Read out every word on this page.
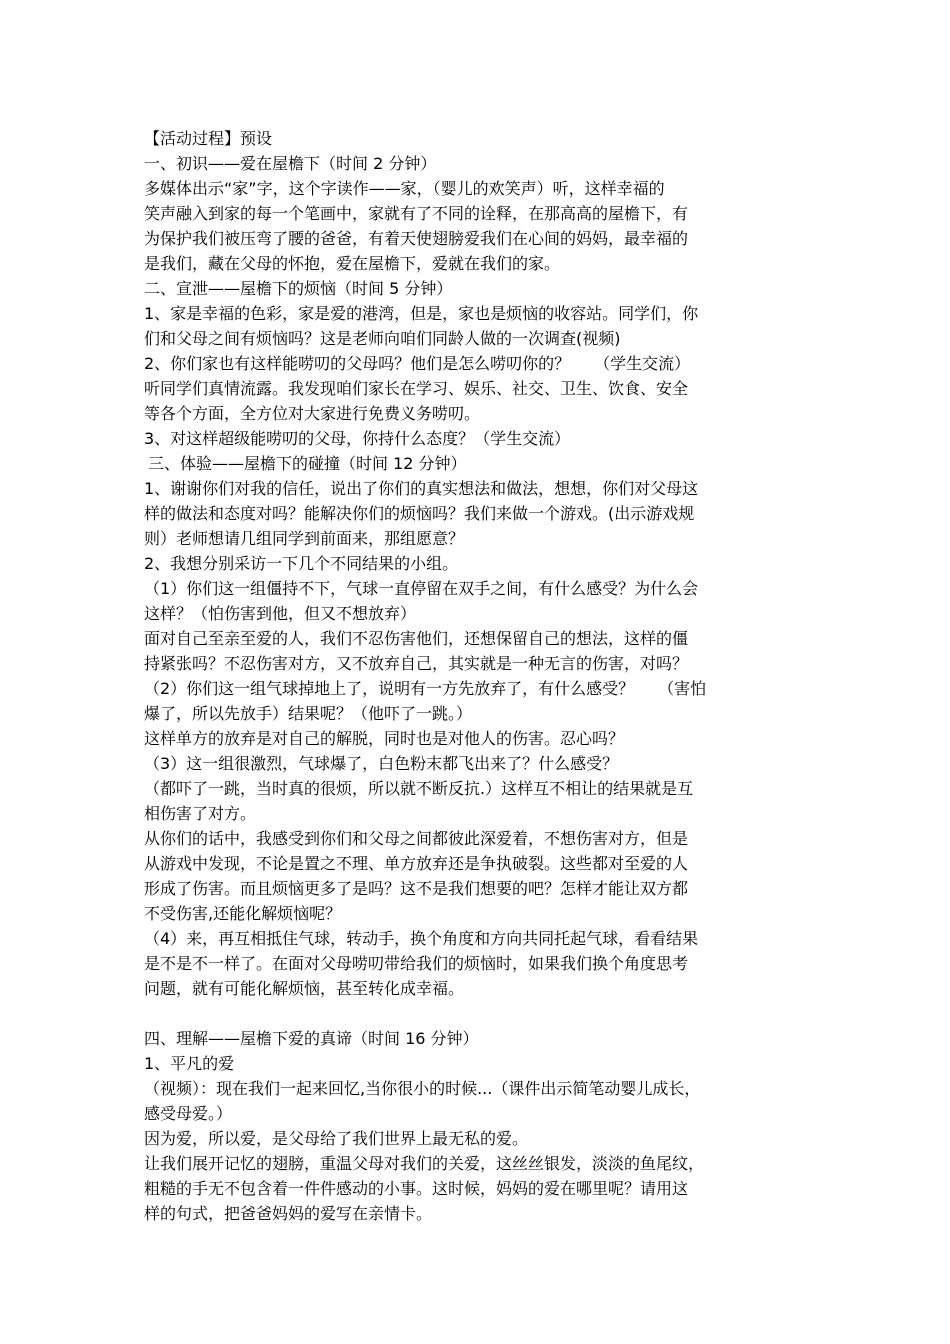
【活动过程】预设

一、初识——爱在屋檐下（时间 2 分钟）

多媒体出示“家”字，这个字读作——家，（婴儿的欢笑声）听，这样幸福的

笑声融入到家的每一个笔画中，家就有了不同的诠释，在那高高的屋檐下，有

为保护我们被压弯了腰的爸爸，有着天使翅膀爱我们在心间的妈妈，最幸福的

是我们，藏在父母的怀抱，爱在屋檐下，爱就在我们的家。

二、宣泄——屋檐下的烦恼（时间 5 分钟）

1、家是幸福的色彩，家是爱的港湾，但是，家也是烦恼的收容站。同学们，你

们和父母之间有烦恼吗？这是老师向咱们同龄人做的一次调查(视频)

2、你们家也有这样能唠叨的父母吗？他们是怎么唠叨你的？　　（学生交流）

听同学们真情流露。我发现咱们家长在学习、娱乐、社交、卫生、饮食、安全

等各个方面，全方位对大家进行免费义务唠叨。

3、对这样超级能唠叨的父母，你持什么态度？（学生交流）

三、体验——屋檐下的碰撞（时间 12 分钟）

1、谢谢你们对我的信任，说出了你们的真实想法和做法，想想，你们对父母这

样的做法和态度对吗？能解决你们的烦恼吗？我们来做一个游戏。(出示游戏规

则）老师想请几组同学到前面来，那组愿意？

2、我想分别采访一下几个不同结果的小组。

（1）你们这一组僵持不下，气球一直停留在双手之间，有什么感受？为什么会

这样？（怕伤害到他，但又不想放弃）

面对自己至亲至爱的人，我们不忍伤害他们，还想保留自己的想法，这样的僵

持紧张吗？不忍伤害对方，又不放弃自己，其实就是一种无言的伤害，对吗？

（2）你们这一组气球掉地上了，说明有一方先放弃了，有什么感受？　　（害怕

爆了，所以先放手）结果呢？（他吓了一跳。）

这样单方的放弃是对自己的解脱，同时也是对他人的伤害。忍心吗？

（3）这一组很激烈，气球爆了，白色粉末都飞出来了？什么感受？

（都吓了一跳，当时真的很烦，所以就不断反抗.）这样互不相让的结果就是互

相伤害了对方。

从你们的话中，我感受到你们和父母之间都彼此深爱着，不想伤害对方，但是

从游戏中发现，不论是置之不理、单方放弃还是争执破裂。这些都对至爱的人

形成了伤害。而且烦恼更多了是吗？这不是我们想要的吧？怎样才能让双方都

不受伤害,还能化解烦恼呢？

（4）来，再互相抵住气球，转动手，换个角度和方向共同托起气球，看看结果

是不是不一样了。在面对父母唠叨带给我们的烦恼时，如果我们换个角度思考

问题，就有可能化解烦恼，甚至转化成幸福。

四、理解——屋檐下爱的真谛（时间 16 分钟）

1、平凡的爱

（视频）：现在我们一起来回忆,当你很小的时候...（课件出示简笔动婴儿成长，

感受母爱。）

因为爱，所以爱，是父母给了我们世界上最无私的爱。

让我们展开记忆的翅膀，重温父母对我们的关爱，这丝丝银发，淡淡的鱼尾纹，

粗糙的手无不包含着一件件感动的小事。这时候，妈妈的爱在哪里呢？请用这

样的句式，把爸爸妈妈的爱写在亲情卡。
